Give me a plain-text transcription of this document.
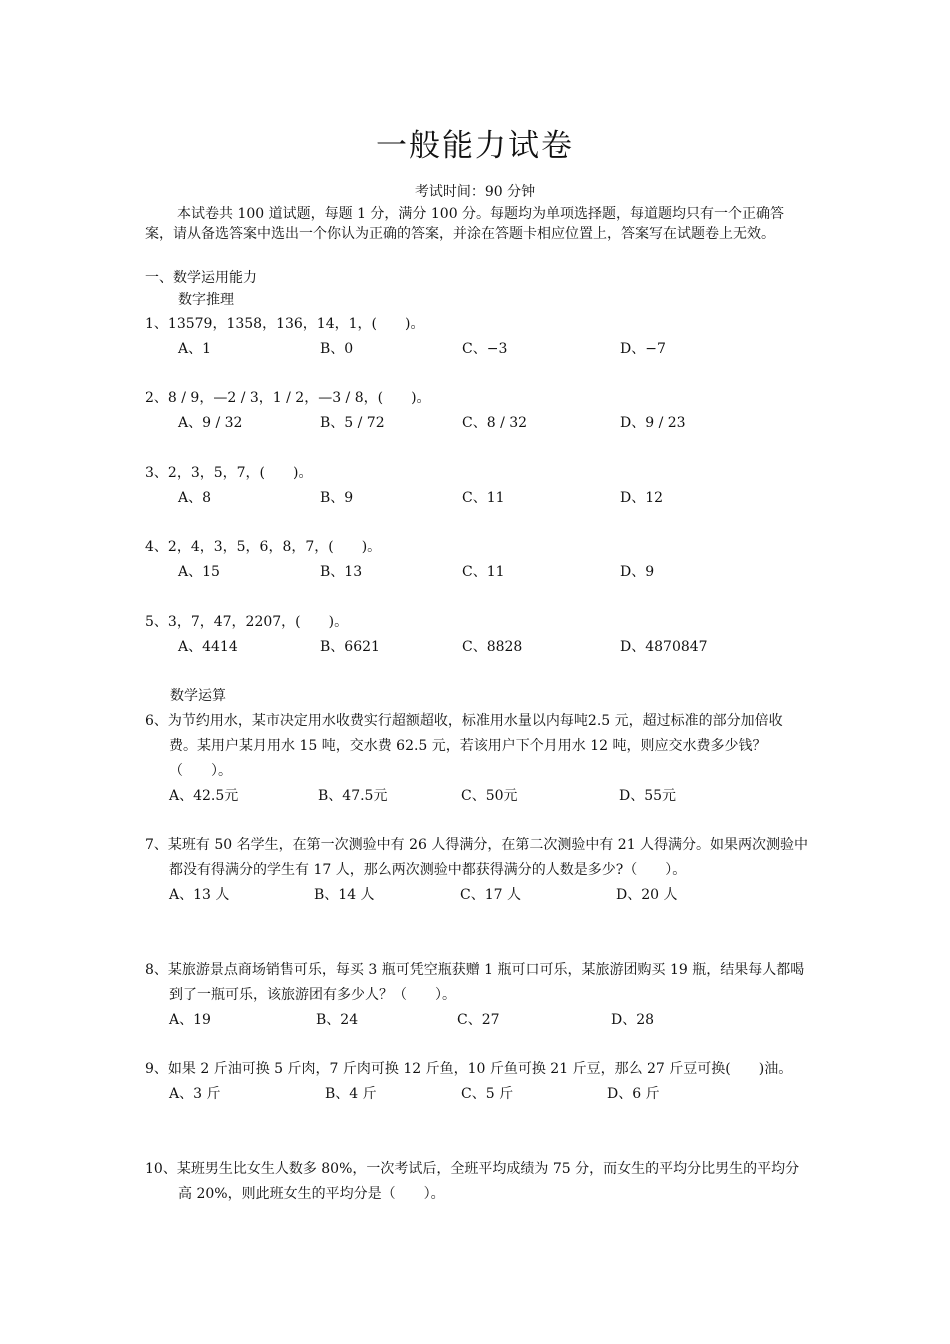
一般能力试卷
考试时间：90 分钟
本试卷共 100 道试题，每题 1 分，满分 100 分。每题均为单项选择题，每道题均只有一个正确答案，请从备选答案中选出一个你认为正确的答案，并涂在答题卡相应位置上，答案写在试题卷上无效。
一、数学运用能力
数字推理
1、13579，1358，136，14，1，(　　)。
A、1	B、0	C、−3	D、−7
2、8 / 9，—2 / 3，1 / 2，—3 / 8，(　　)。
A、9 / 32	B、5 / 72	C、8 / 32	D、9 / 23
3、2，3，5，7，(　　)。
A、8	B、9	C、11	D、12
4、2，4，3，5，6，8，7，(　　)。
A、15	B、13	C、11	D、9
5、3，7，47，2207，(　　)。
A、4414	B、6621	C、8828	D、4870847
数学运算
6、为节约用水，某市决定用水收费实行超额超收，标准用水量以内每吨2.5 元，超过标准的部分加倍收费。某用户某月用水 15 吨，交水费 62.5 元，若该用户下个月用水 12 吨，则应交水费多少钱？（　　）。
A、42.5元	B、47.5元	C、50元	D、55元
7、某班有 50 名学生，在第一次测验中有 26 人得满分，在第二次测验中有 21 人得满分。如果两次测验中都没有得满分的学生有 17 人，那么两次测验中都获得满分的人数是多少?（　　）。
A、13 人	B、14 人	C、17 人	D、20 人
8、某旅游景点商场销售可乐，每买 3 瓶可凭空瓶获赠 1 瓶可口可乐，某旅游团购买 19 瓶，结果每人都喝到了一瓶可乐，该旅游团有多少人？（　　）。
A、19	B、24	C、27	D、28
9、如果 2 斤油可换 5 斤肉，7 斤肉可换 12 斤鱼，10 斤鱼可换 21 斤豆，那么 27 斤豆可换(　　)油。
A、3 斤	B、4 斤	C、5 斤	D、6 斤
10、某班男生比女生人数多 80%，一次考试后，全班平均成绩为 75 分，而女生的平均分比男生的平均分高 20%，则此班女生的平均分是（　　）。
